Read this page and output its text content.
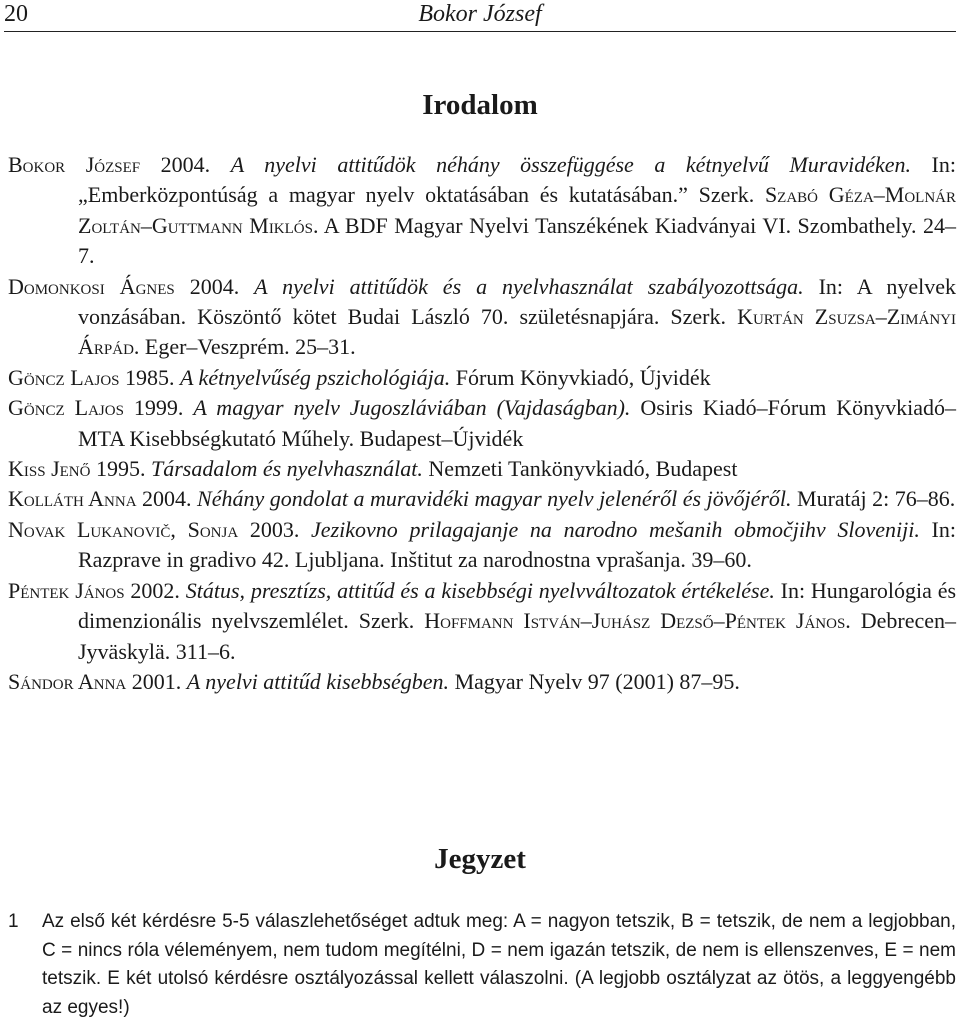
20	Bokor József
Irodalom

Bokor József 2004. A nyelvi attitűdök néhány összefüggése a kétnyelvű Muravidéken. In: „Emberközpontúság a magyar nyelv oktatásában és kutatásában.” Szerk. Szabó Géza–Molnár Zoltán–Guttmann Miklós. A BDF Magyar Nyelvi Tanszékének Kiadványai VI. Szombathely. 24–7.

Domonkosi Ágnes 2004. A nyelvi attitűdök és a nyelvhasználat szabályozottsága. In: A nyelvek vonzásában. Köszöntő kötet Budai László 70. születésnapjára. Szerk. Kurtán Zsuzsa–Zimányi Árpád. Eger–Veszprém. 25–31.

Göncz Lajos 1985. A kétnyelvűség pszichológiája. Fórum Könyvkiadó, Újvidék

Göncz Lajos 1999. A magyar nyelv Jugoszláviában (Vajdaságban). Osiris Kiadó–Fórum Könyvkiadó–MTA Kisebbségkutató Műhely. Budapest–Újvidék

Kiss Jenő 1995. Társadalom és nyelvhasználat. Nemzeti Tankönyvkiadó, Budapest

Kolláth Anna 2004. Néhány gondolat a muravidéki magyar nyelv jelenéről és jövőjéről. Muratáj 2: 76–86.

Novak Lukanovič, Sonja 2003. Jezikovno prilagajanje na narodno mešanih območjihv Sloveniji. In: Razprave in gradivo 42. Ljubljana. Inštitut za narodnostna vprašanja. 39–60.

Péntek János 2002. Státus, presztízs, attitűd és a kisebbségi nyelvváltozatok értékelése. In: Hungarológia és dimenzionális nyelvszemlélet. Szerk. Hoffmann István–Juhász Dezső–Péntek János. Debrecen–Jyväskylä. 311–6.

Sándor Anna 2001. A nyelvi attitűd kisebbségben. Magyar Nyelv 97 (2001) 87–95.

Jegyzet
1 Az első két kérdésre 5-5 válaszlehetőséget adtuk meg: A = nagyon tetszik, B = tetszik, de nem a legjobban, C = nincs róla véleményem, nem tudom megítélni, D = nem igazán tetszik, de nem is ellenszenves, E = nem tetszik. E két utolsó kérdésre osztályozással kellett válaszolni. (A legjobb osztályzat az ötös, a leggyengébb az egyes!)
